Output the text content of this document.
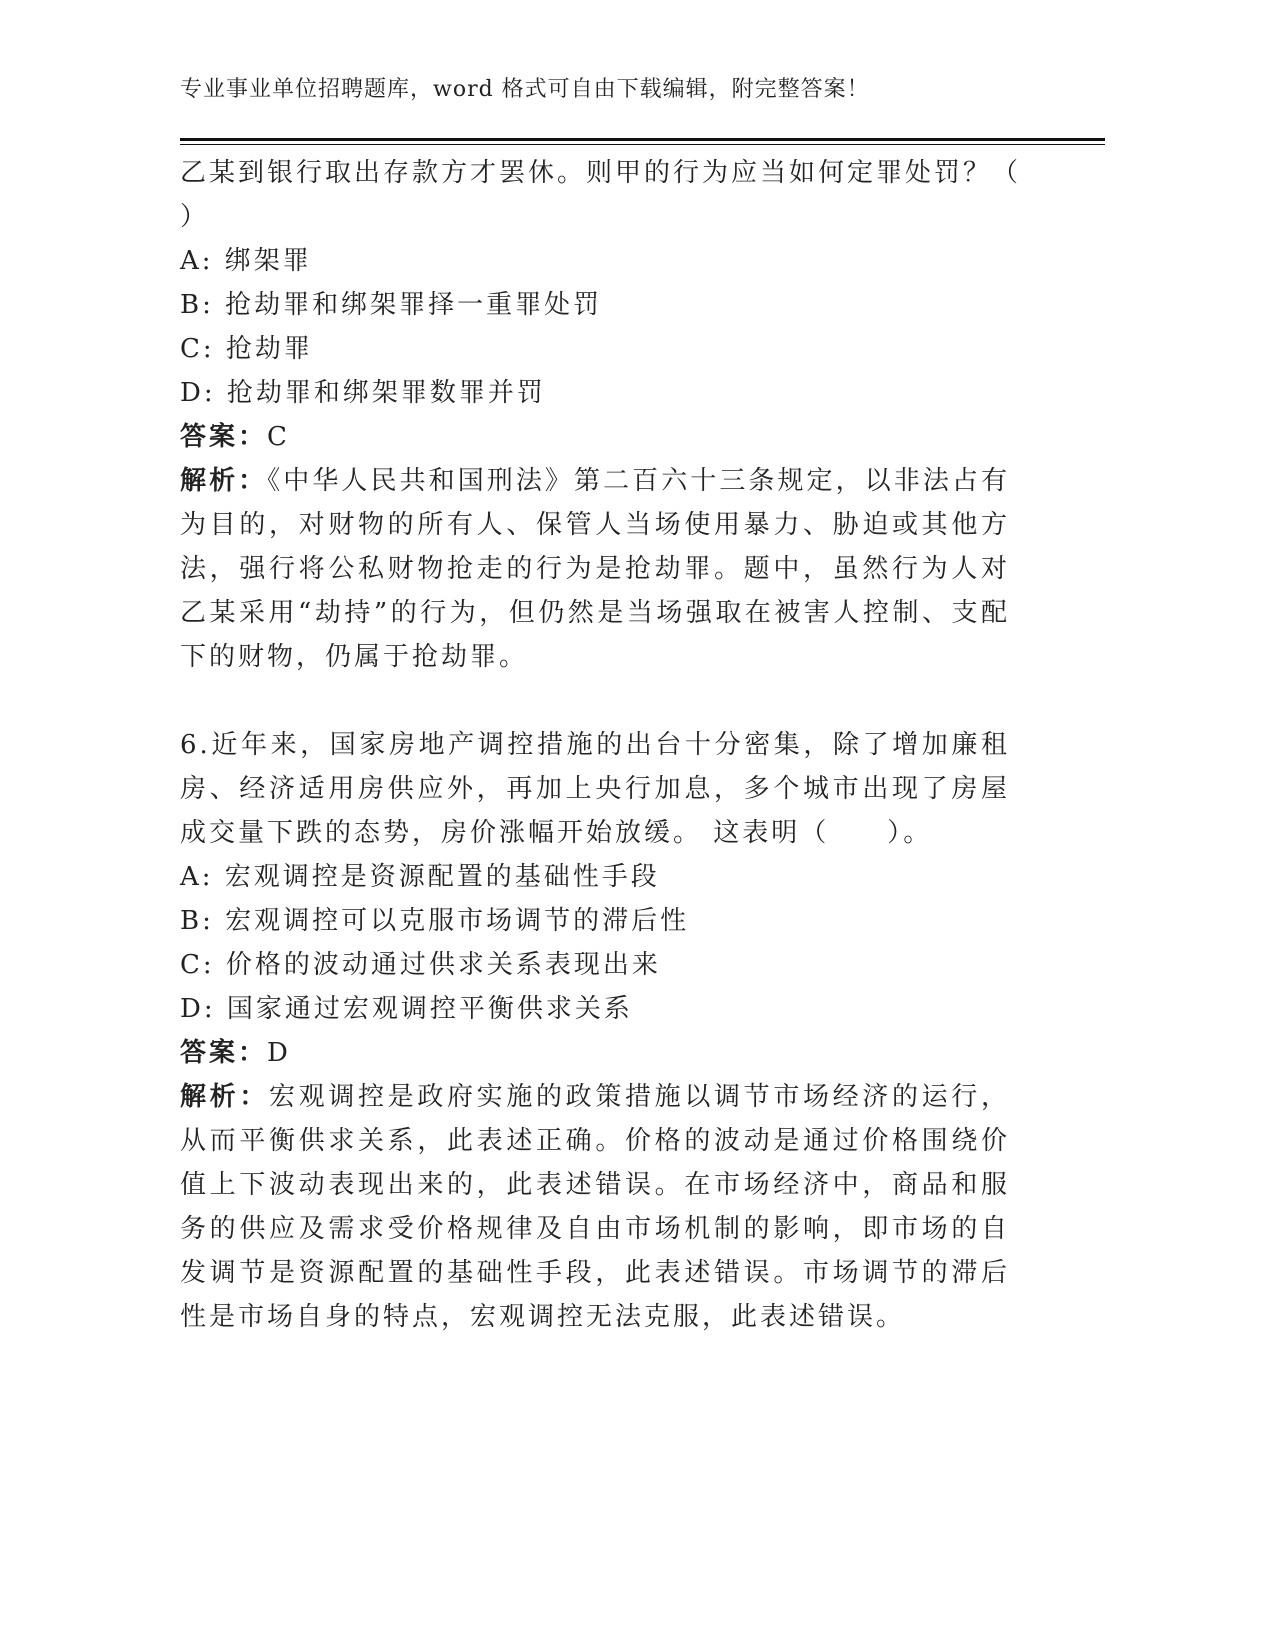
专业事业单位招聘题库，word 格式可自由下载编辑，附完整答案！

乙某到银行取出存款方才罢休。则甲的行为应当如何定罪处罚？（

）

A: 绑架罪

B: 抢劫罪和绑架罪择一重罪处罚

C: 抢劫罪

D: 抢劫罪和绑架罪数罪并罚

答案：C

解析：《中华人民共和国刑法》第二百六十三条规定，以非法占有为目的，对财物的所有人、保管人当场使用暴力、胁迫或其他方法，强行将公私财物抢走的行为是抢劫罪。题中，虽然行为人对乙某采用“劫持”的行为，但仍然是当场强取在被害人控制、支配下的财物，仍属于抢劫罪。

6.近年来，国家房地产调控措施的出台十分密集，除了增加廉租房、经济适用房供应外，再加上央行加息，多个城市出现了房屋成交量下跌的态势，房价涨幅开始放缓。 这表明（　　）。

A: 宏观调控是资源配置的基础性手段

B: 宏观调控可以克服市场调节的滞后性

C: 价格的波动通过供求关系表现出来

D: 国家通过宏观调控平衡供求关系

答案：D

解析：宏观调控是政府实施的政策措施以调节市场经济的运行，从而平衡供求关系，此表述正确。价格的波动是通过价格围绕价值上下波动表现出来的，此表述错误。在市场经济中，商品和服务的供应及需求受价格规律及自由市场机制的影响，即市场的自发调节是资源配置的基础性手段，此表述错误。市场调节的滞后性是市场自身的特点，宏观调控无法克服，此表述错误。
